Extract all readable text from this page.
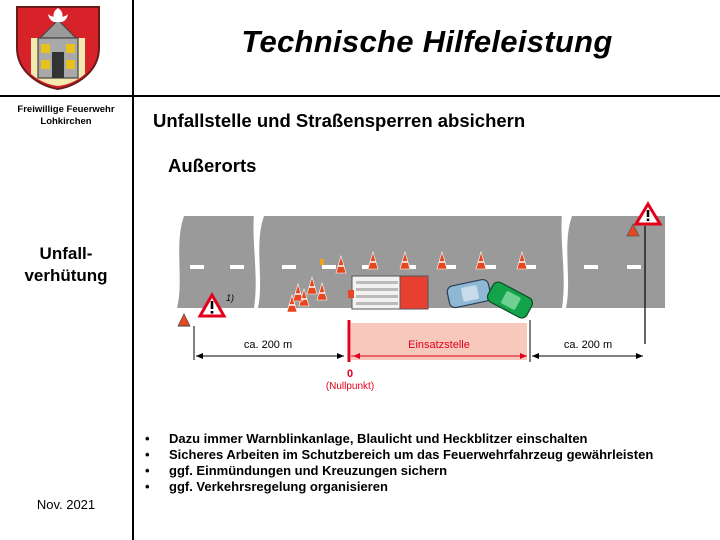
Technische Hilfeleistung
Freiwillige Feuerwehr
Lohkirchen
Unfall-
verhütung
Nov. 2021
Unfallstelle und Straßensperren absichern
Außerorts
1)
ca. 200 m	Einsatzstelle	ca. 200 m
0
(Nullpunkt)
• Dazu immer Warnblinkanlage, Blaulicht und Heckblitzer einschalten
• Sicheres Arbeiten im Schutzbereich um das Feuerwehrfahrzeug gewährleisten
• ggf. Einmündungen und Kreuzungen sichern
• ggf. Verkehrsregelung organisieren
